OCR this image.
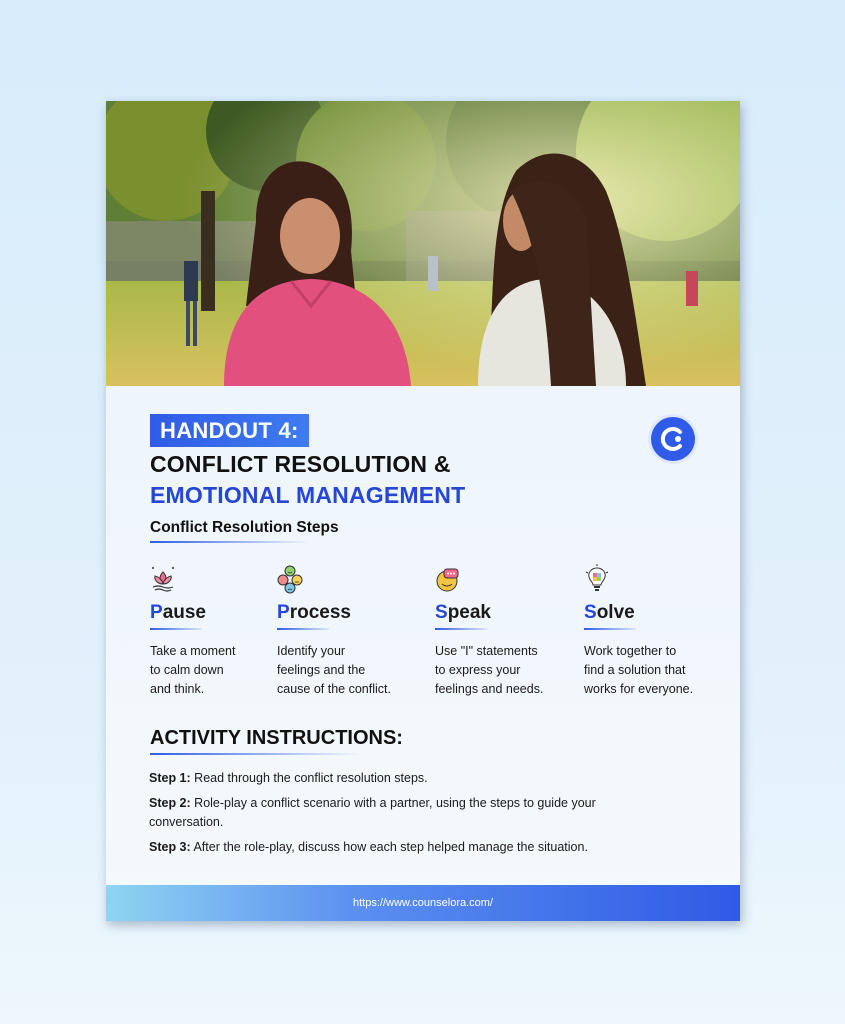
HANDOUT 4:
CONFLICT RESOLUTION &
EMOTIONAL MANAGEMENT
Conflict Resolution Steps
Pause
Take a moment
to calm down
and think.
Process
Identify your
feelings and the
cause of the conflict.
Speak
Use "I" statements
to express your
feelings and needs.
Solve
Work together to
find a solution that
works for everyone.
ACTIVITY INSTRUCTIONS:

Step 1: Read through the conflict resolution steps.

Step 2: Role-play a conflict scenario with a partner, using the steps to guide your conversation.

Step 3: After the role-play, discuss how each step helped manage the situation.

https://www.counselora.com/
